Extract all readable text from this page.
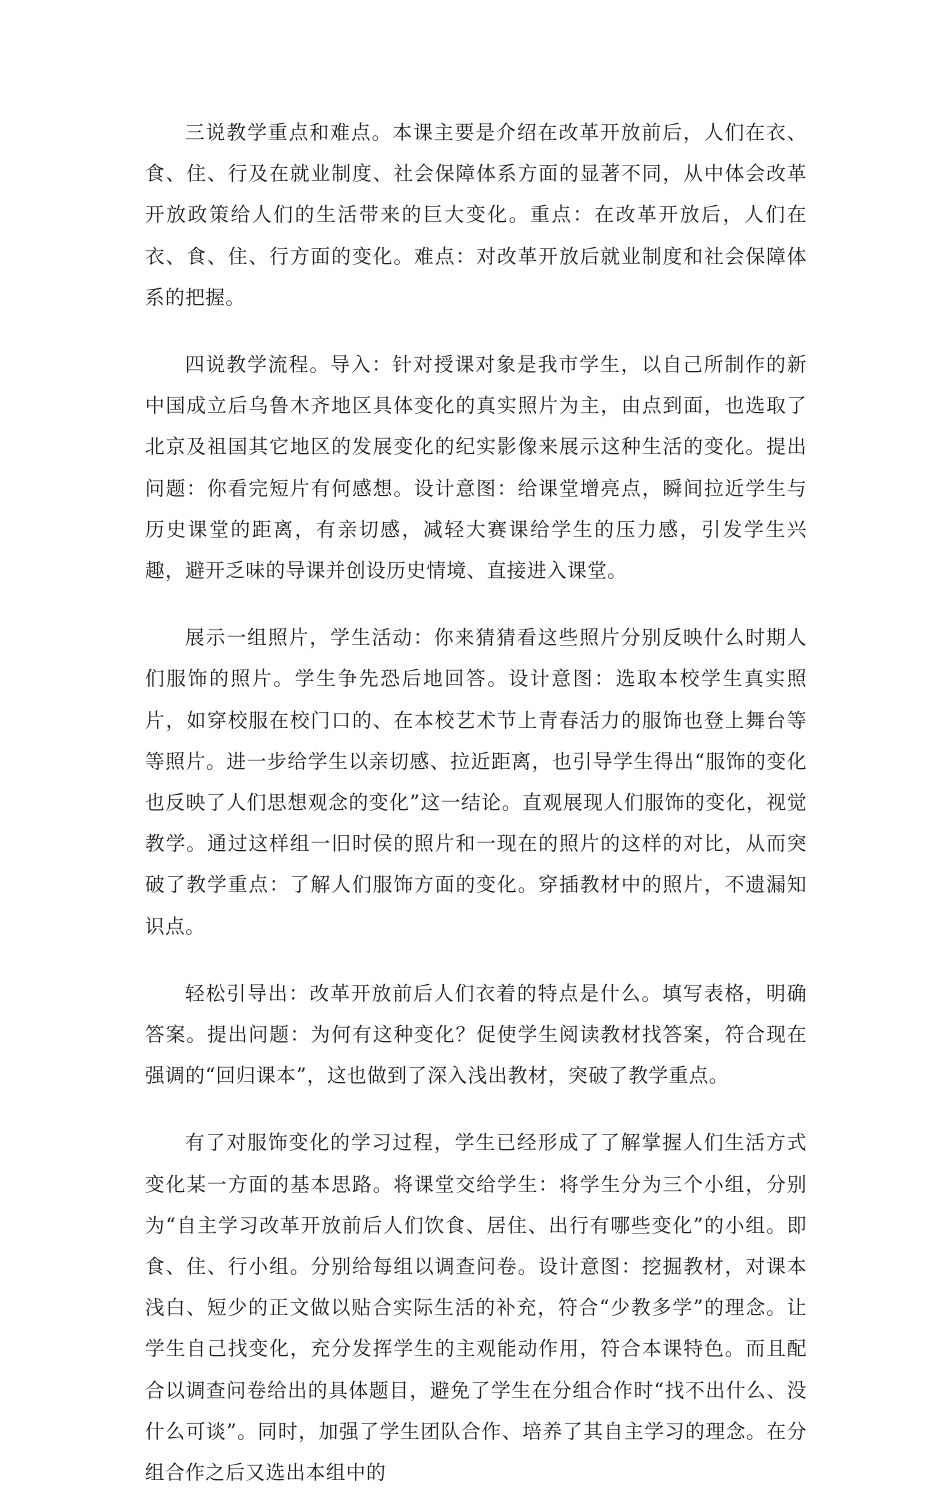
三说教学重点和难点。本课主要是介绍在改革开放前后，人们在衣、食、住、行及在就业制度、社会保障体系方面的显著不同，从中体会改革开放政策给人们的生活带来的巨大变化。重点：在改革开放后，人们在衣、食、住、行方面的变化。难点：对改革开放后就业制度和社会保障体系的把握。

四说教学流程。导入：针对授课对象是我市学生，以自己所制作的新中国成立后乌鲁木齐地区具体变化的真实照片为主，由点到面，也选取了北京及祖国其它地区的发展变化的纪实影像来展示这种生活的变化。提出问题：你看完短片有何感想。设计意图：给课堂增亮点，瞬间拉近学生与历史课堂的距离，有亲切感，减轻大赛课给学生的压力感，引发学生兴趣，避开乏味的导课并创设历史情境、直接进入课堂。

展示一组照片，学生活动：你来猜猜看这些照片分别反映什么时期人们服饰的照片。学生争先恐后地回答。设计意图：选取本校学生真实照片，如穿校服在校门口的、在本校艺术节上青春活力的服饰也登上舞台等等照片。进一步给学生以亲切感、拉近距离，也引导学生得出“服饰的变化也反映了人们思想观念的变化”这一结论。直观展现人们服饰的变化，视觉教学。通过这样组一旧时侯的照片和一现在的照片的这样的对比，从而突破了教学重点：了解人们服饰方面的变化。穿插教材中的照片，不遗漏知识点。

轻松引导出：改革开放前后人们衣着的特点是什么。填写表格，明确答案。提出问题：为何有这种变化？促使学生阅读教材找答案，符合现在强调的“回归课本”，这也做到了深入浅出教材，突破了教学重点。

有了对服饰变化的学习过程，学生已经形成了了解掌握人们生活方式变化某一方面的基本思路。将课堂交给学生：将学生分为三个小组，分别为“自主学习改革开放前后人们饮食、居住、出行有哪些变化”的小组。即食、住、行小组。分别给每组以调查问卷。设计意图：挖掘教材，对课本浅白、短少的正文做以贴合实际生活的补充，符合“少教多学”的理念。让学生自己找变化，充分发挥学生的主观能动作用，符合本课特色。而且配合以调查问卷给出的具体题目，避免了学生在分组合作时“找不出什么、没什么可谈”。同时，加强了学生团队合作、培养了其自主学习的理念。在分组合作之后又选出本组中的
